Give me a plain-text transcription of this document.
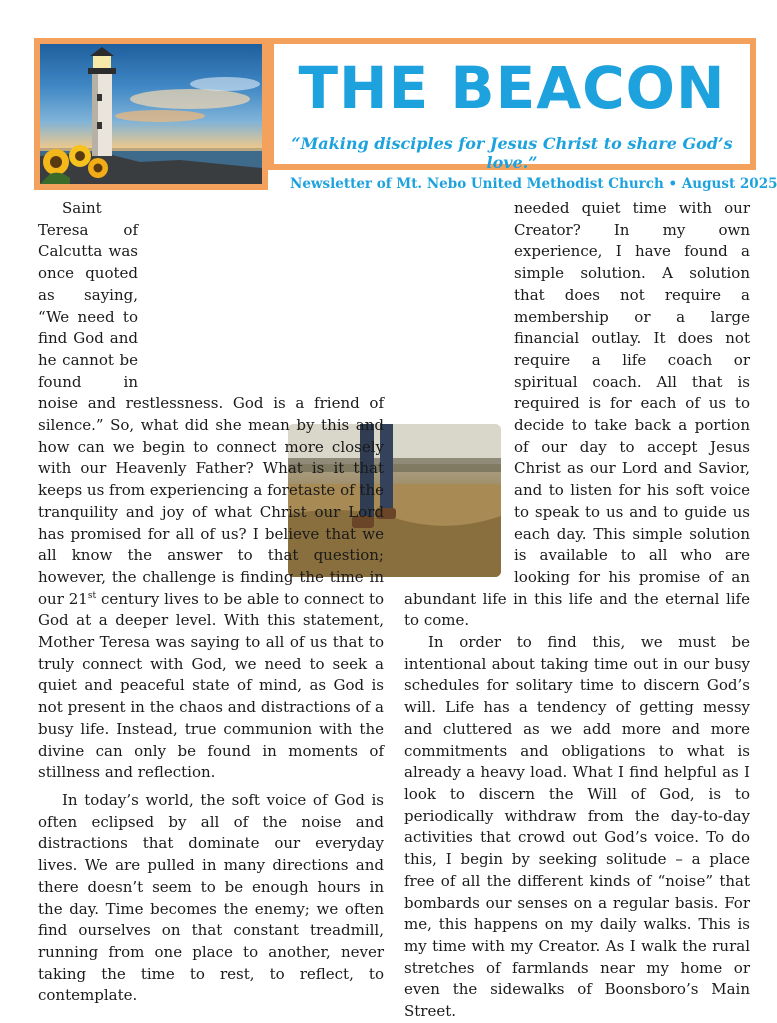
THE BEACON
“Making disciples for Jesus Christ to share God’s love.”
Newsletter of Mt. Nebo United Methodist Church • August 2025

Saint Teresa of Calcutta was once quoted as saying, “We need to find God and he cannot be found in noise and restlessness. God is a friend of silence.” So, what did she mean by this and how can we begin to connect more closely with our Heavenly Father? What is it that keeps us from experiencing a foretaste of the tranquility and joy of what Christ our Lord has promised for all of us? I believe that we all know the answer to that question; however, the challenge is finding the time in our 21st century lives to be able to connect to God at a deeper level. With this statement, Mother Teresa was saying to all of us that to truly connect with God, we need to seek a quiet and peaceful state of mind, as God is not present in the chaos and distractions of a busy life. Instead, true communion with the divine can only be found in moments of stillness and reflection.

In today’s world, the soft voice of God is often eclipsed by all of the noise and distractions that dominate our everyday lives. We are pulled in many directions and there doesn’t seem to be enough hours in the day. Time becomes the enemy; we often find ourselves on that constant treadmill, running from one place to another, never taking the time to rest, to reflect, to contemplate.

needed quiet time with our Creator? In my own experience, I have found a simple solution. A solution that does not require a membership or a large financial outlay. It does not require a life coach or spiritual coach. All that is required is for each of us to decide to take back a portion of our day to accept Jesus Christ as our Lord and Savior, and to listen for his soft voice to speak to us and to guide us each day. This simple solution is available to all who are looking for his promise of an abundant life in this life and the eternal life to come.

In order to find this, we must be intentional about taking time out in our busy schedules for solitary time to discern God’s will. Life has a tendency of getting messy and cluttered as we add more and more commitments and obligations to what is already a heavy load. What I find helpful as I look to discern the Will of God, is to periodically withdraw from the day-to-day activities that crowd out God’s voice. To do this, I begin by seeking solitude – a place free of all the different kinds of “noise” that bombards our senses on a regular basis. For me, this happens on my daily walks. This is my time with my Creator. As I walk the rural stretches of farmlands near my home or even the sidewalks of Boonsboro’s Main Street.
